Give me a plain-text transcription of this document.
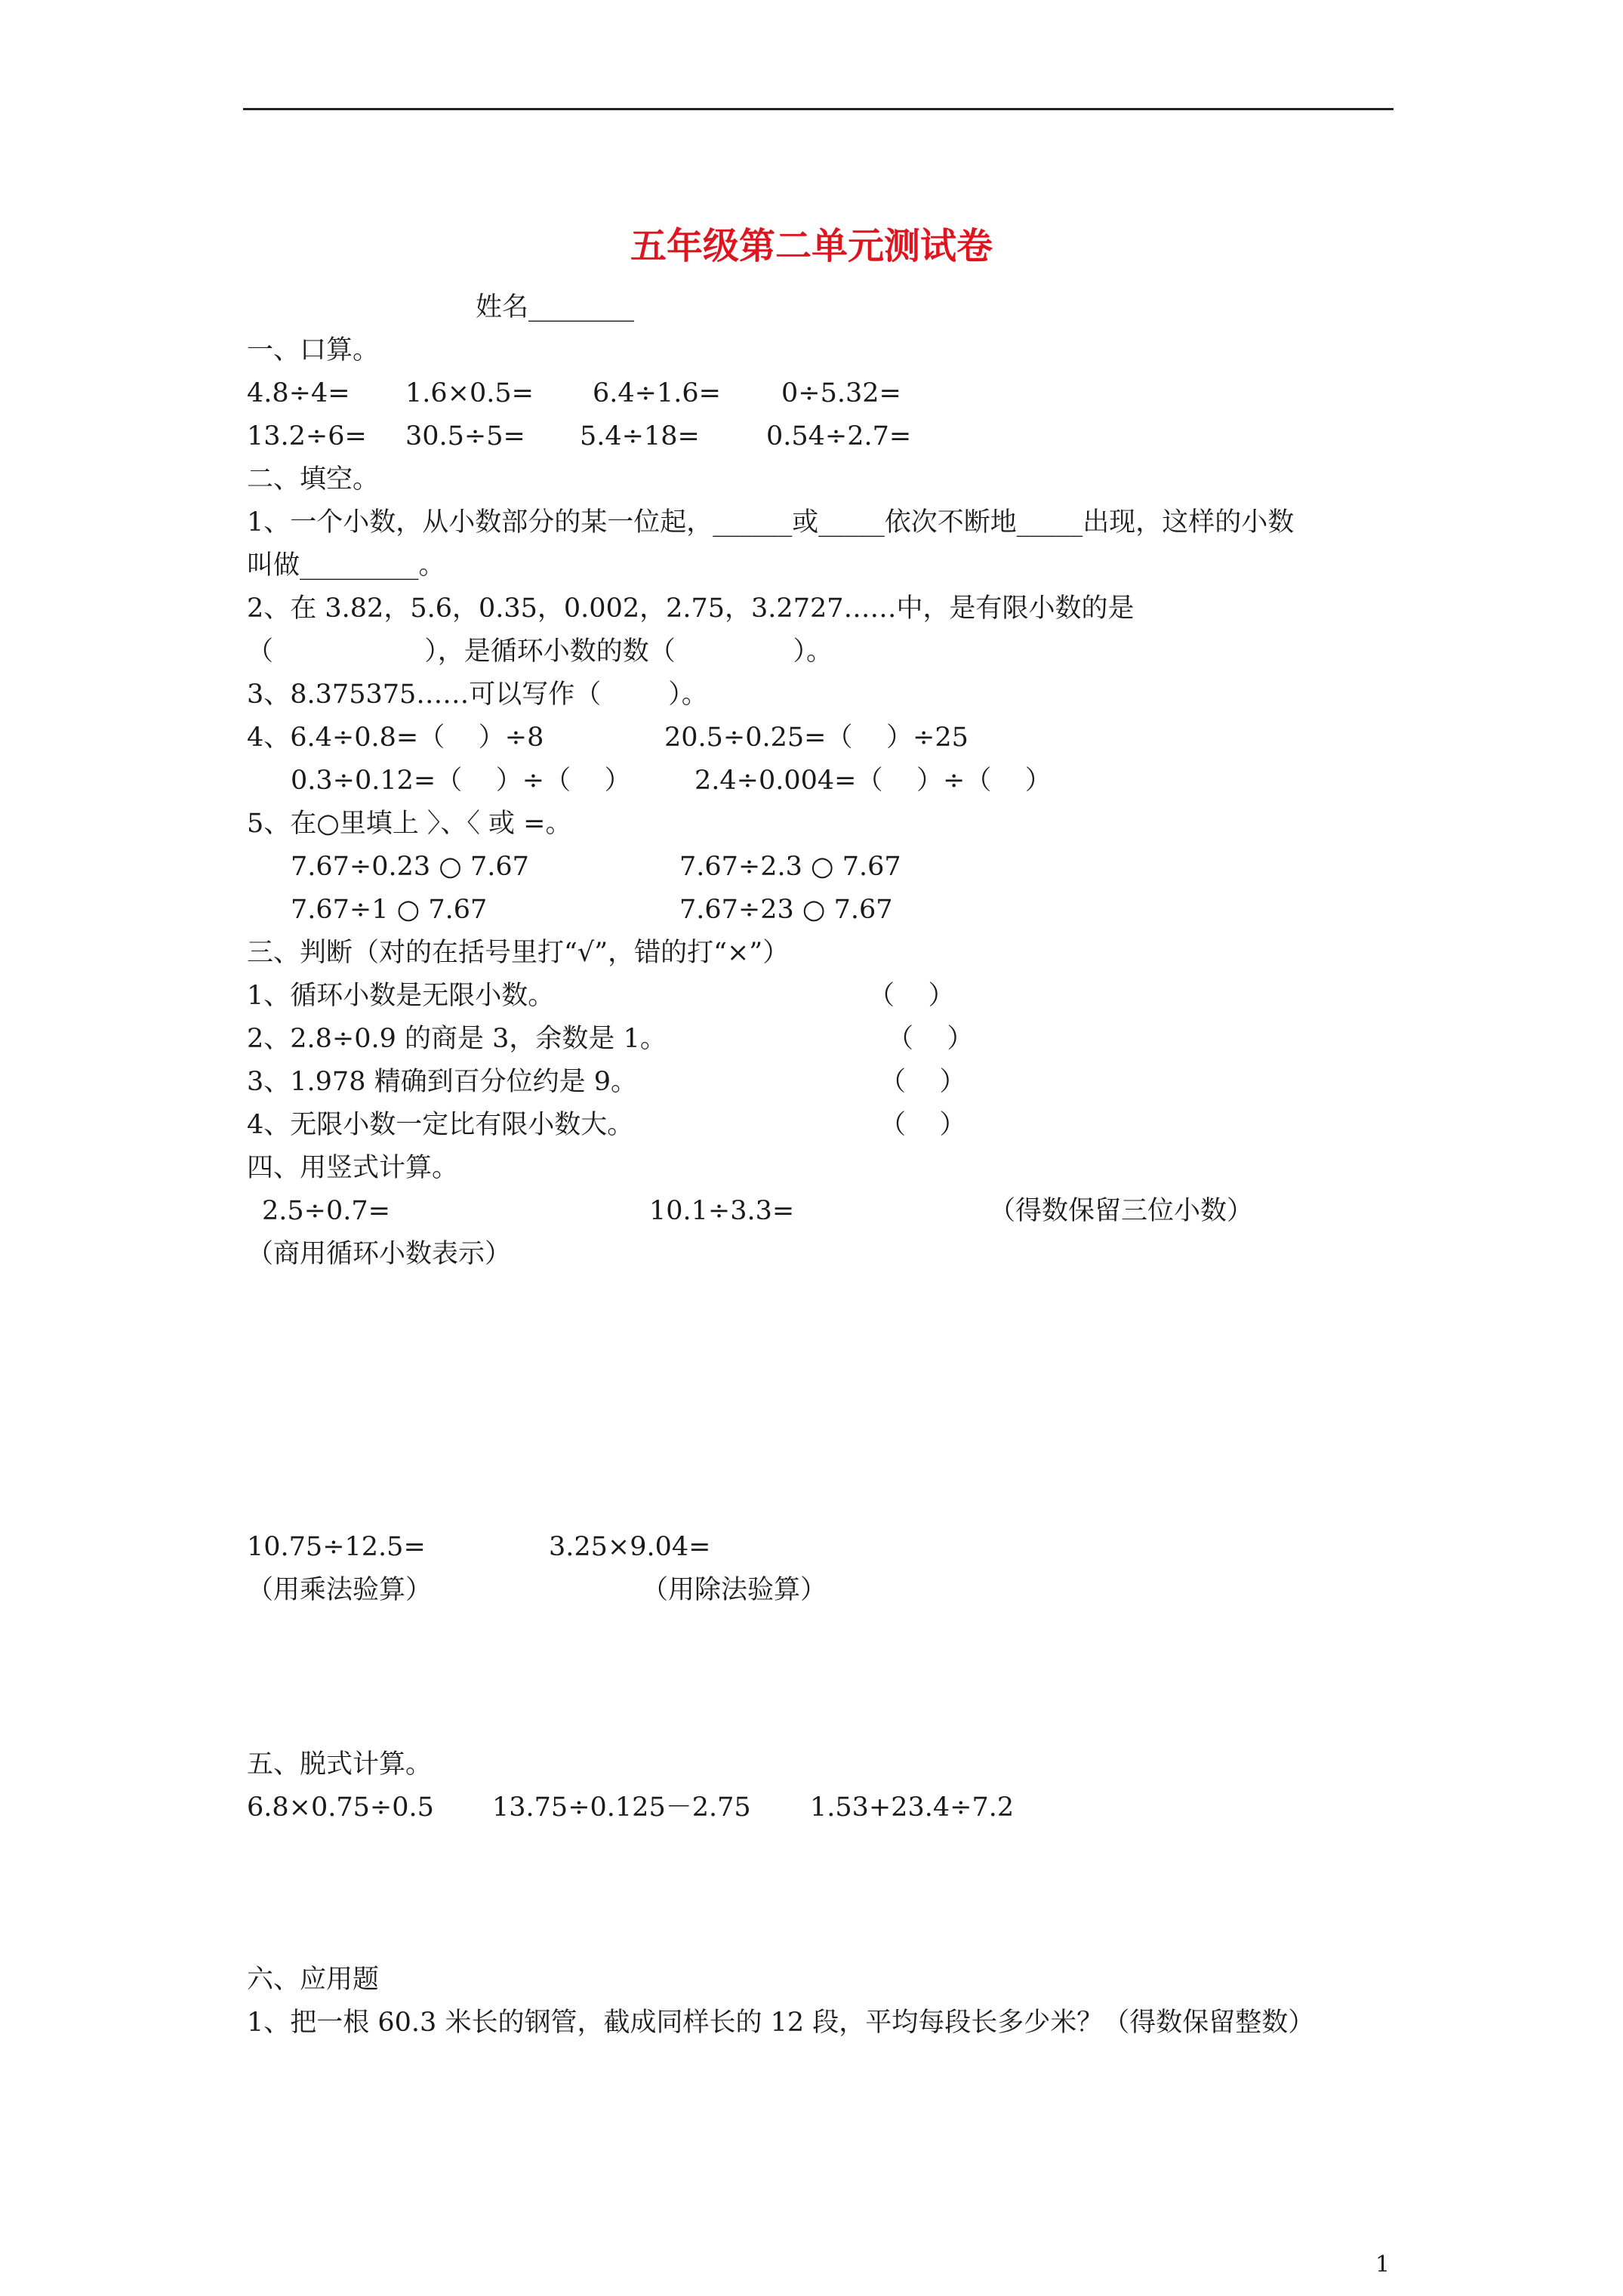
五年级第二单元测试卷
姓名________
一、口算。
4.8÷4= 1.6×0.5= 6.4÷1.6= 0÷5.32=
13.2÷6= 30.5÷5= 5.4÷18=	0.54÷2.7=
二、填空。
1、一个小数，从小数部分的某一位起，______或_____依次不断地_____出现，这样的小数
叫做_________。
2、在 3.82，5.6，0.35，0.002，2.75，3.2727……中，是有限小数的是
（                  ），是循环小数的数（              ）。
3、8.375375……可以写作（        ）。
4、6.4÷0.8=（    ）÷8	20.5÷0.25=（    ）÷25
0.3÷0.12=（    ）÷（    ） 2.4÷0.004=（    ）÷（    ）
5、在○里填上 〉、〈 或 =。
7.67÷0.23 ○ 7.67	7.67÷2.3 ○ 7.67
7.67÷1 ○ 7.67	7.67÷23 ○ 7.67
三、判断（对的在括号里打“√”，错的打“×”）
1、循环小数是无限小数。	（    ）
2、2.8÷0.9 的商是 3，余数是 1。	（    ）
3、1.978 精确到百分位约是 9。	（    ）
4、无限小数一定比有限小数大。	（    ）
四、用竖式计算。
2.5÷0.7=	10.1÷3.3=	（得数保留三位小数）
（商用循环小数表示）
10.75÷12.5=	3.25×9.04=
（用乘法验算）	（用除法验算）
五、脱式计算。
6.8×0.75÷0.5 13.75÷0.125－2.75 1.53+23.4÷7.2
六、应用题
1、把一根 60.3 米长的钢管，截成同样长的 12 段，平均每段长多少米？（得数保留整数）
1
